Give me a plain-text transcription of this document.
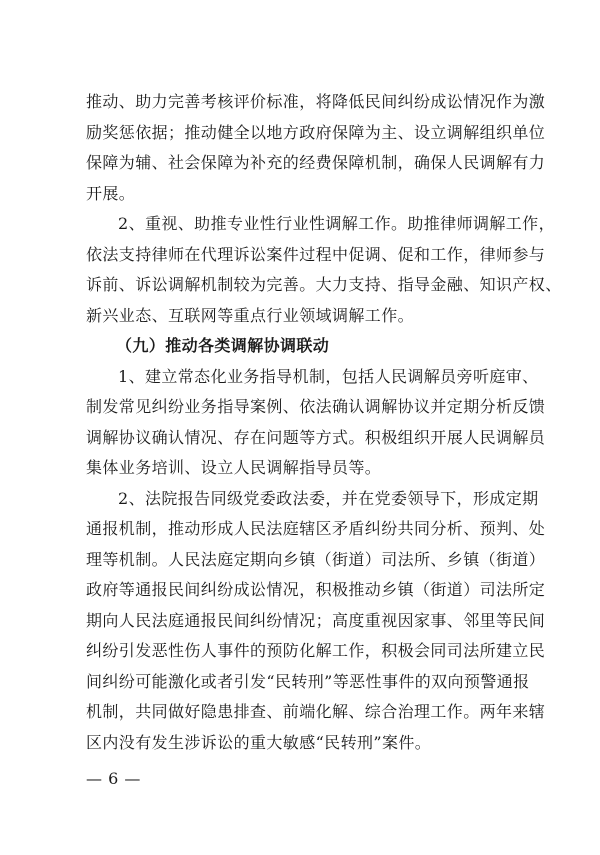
推动、助力完善考核评价标准，将降低民间纠纷成讼情况作为激
励奖惩依据；推动健全以地方政府保障为主、设立调解组织单位
保障为辅、社会保障为补充的经费保障机制，确保人民调解有力
开展。

2、重视、助推专业性行业性调解工作。助推律师调解工作，
依法支持律师在代理诉讼案件过程中促调、促和工作，律师参与
诉前、诉讼调解机制较为完善。大力支持、指导金融、知识产权、
新兴业态、互联网等重点行业领域调解工作。

（九）推动各类调解协调联动

1、建立常态化业务指导机制，包括人民调解员旁听庭审、
制发常见纠纷业务指导案例、依法确认调解协议并定期分析反馈
调解协议确认情况、存在问题等方式。积极组织开展人民调解员
集体业务培训、设立人民调解指导员等。

2、法院报告同级党委政法委，并在党委领导下，形成定期
通报机制，推动形成人民法庭辖区矛盾纠纷共同分析、预判、处
理等机制。人民法庭定期向乡镇（街道）司法所、乡镇（街道）
政府等通报民间纠纷成讼情况，积极推动乡镇（街道）司法所定
期向人民法庭通报民间纠纷情况；高度重视因家事、邻里等民间
纠纷引发恶性伤人事件的预防化解工作，积极会同司法所建立民
间纠纷可能激化或者引发“民转刑”等恶性事件的双向预警通报
机制，共同做好隐患排查、前端化解、综合治理工作。两年来辖
区内没有发生涉诉讼的重大敏感“民转刑”案件。

— 6 —
